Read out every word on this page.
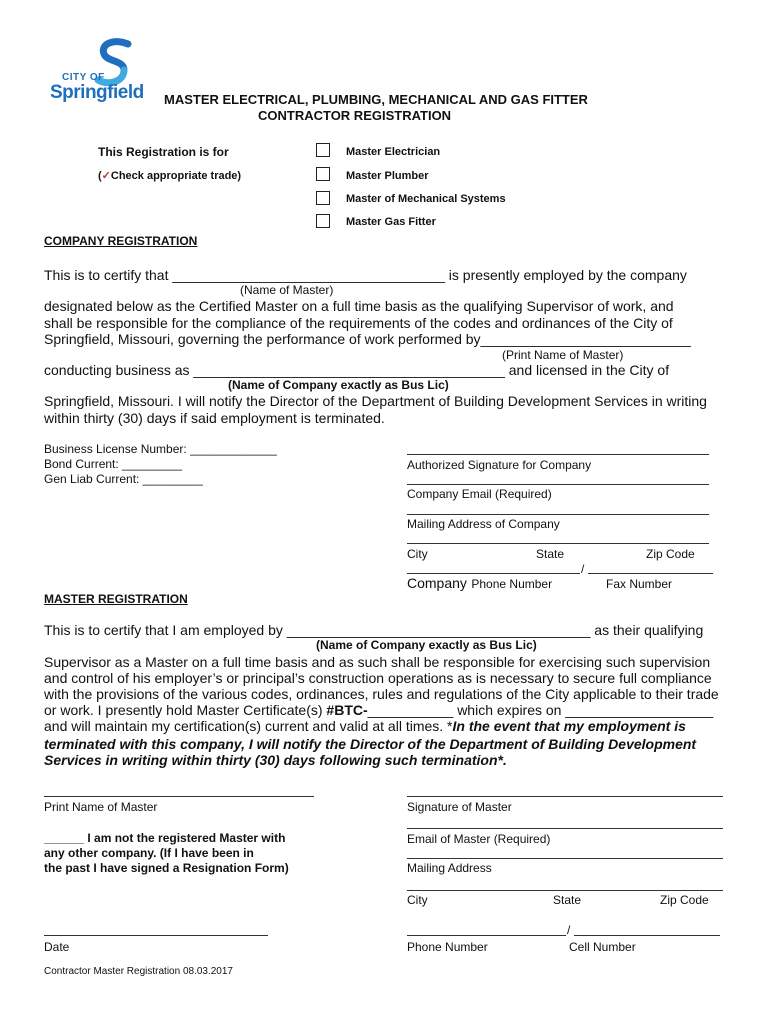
CITY OF
Springfield MASTER ELECTRICAL, PLUMBING, MECHANICAL AND GAS FITTER
CONTRACTOR REGISTRATION
This Registration is for
(✓Check appropriate trade)
Master Electrician
Master Plumber
Master of Mechanical Systems
Master Gas Fitter
COMPANY REGISTRATION
This is to certify that ___________________________________ is presently employed by the company
(Name of Master)
designated below as the Certified Master on a full time basis as the qualifying Supervisor of work, and
shall be responsible for the compliance of the requirements of the codes and ordinances of the City of
Springfield, Missouri, governing the performance of work performed by___________________________
(Print Name of Master)
conducting business as ________________________________________ and licensed in the City of
(Name of Company exactly as Bus Lic)
Springfield, Missouri. I will notify the Director of the Department of Building Development Services in writing
within thirty (30) days if said employment is terminated.
Business License Number: _____________
Bond Current: _________
Gen Liab Current: _________
Authorized Signature for Company
Company Email (Required)
Mailing Address of Company
City	State	Zip Code
/
Company Phone Number	Fax Number
MASTER REGISTRATION
This is to certify that I am employed by _______________________________________ as their qualifying
(Name of Company exactly as Bus Lic)
Supervisor as a Master on a full time basis and as such shall be responsible for exercising such supervision
and control of his employer’s or principal’s construction operations as is necessary to secure full compliance
with the provisions of the various codes, ordinances, rules and regulations of the City applicable to their trade
or work. I presently hold Master Certificate(s) #BTC-___________ which expires on ___________________
and will maintain my certification(s) current and valid at all times. *In the event that my employment is
terminated with this company, I will notify the Director of the Department of Building Development
Services in writing within thirty (30) days following such termination*.
Print Name of Master	Signature of Master
______ I am not the registered Master with
any other company. (If I have been in
the past I have signed a Resignation Form)
Email of Master (Required)
Mailing Address
City	State	Zip Code
Date
/
Phone Number	Cell Number
Contractor Master Registration 08.03.2017
